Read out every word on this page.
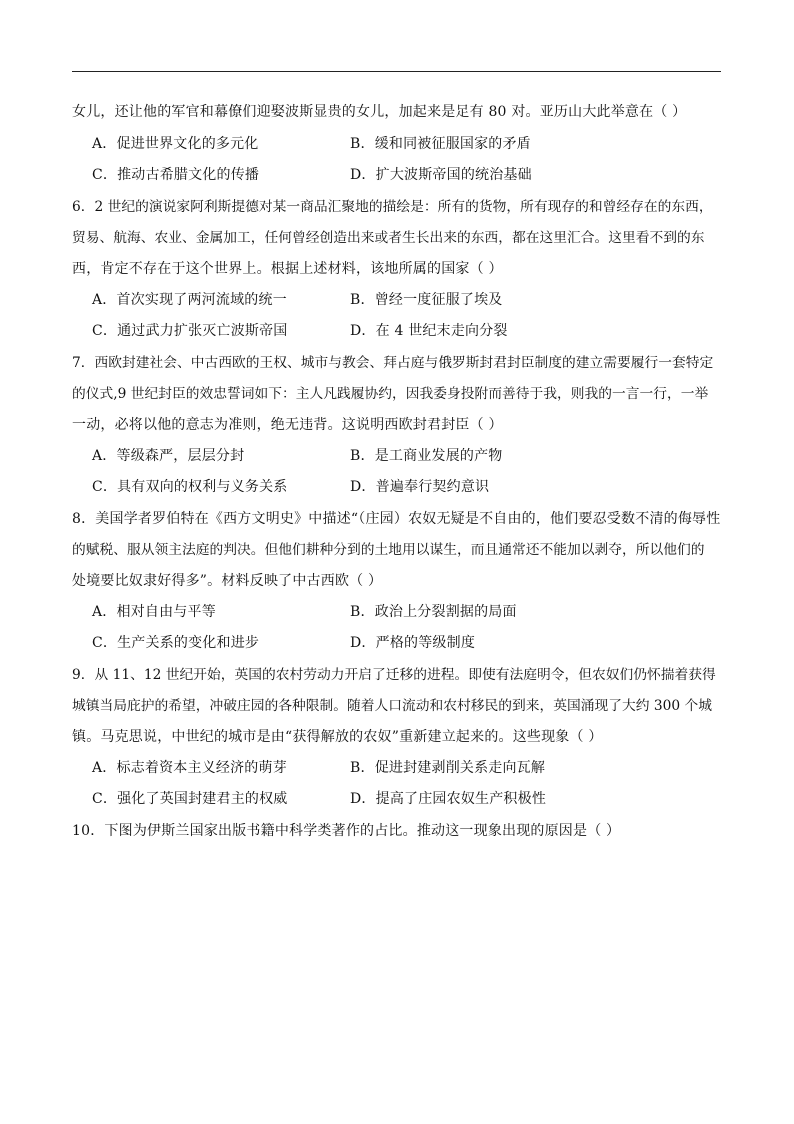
女儿，还让他的军官和幕僚们迎娶波斯显贵的女儿，加起来是足有 80 对。亚历山大此举意在（ ）
A．促进世界文化的多元化	B．缓和同被征服国家的矛盾
C．推动古希腊文化的传播	D．扩大波斯帝国的统治基础
6．2 世纪的演说家阿利斯提德对某一商品汇聚地的描绘是：所有的货物，所有现存的和曾经存在的东西，
贸易、航海、农业、金属加工，任何曾经创造出来或者生长出来的东西，都在这里汇合。这里看不到的东
西，肯定不存在于这个世界上。根据上述材料，该地所属的国家（ ）
A．首次实现了两河流域的统一	B．曾经一度征服了埃及
C．通过武力扩张灭亡波斯帝国	D．在 4 世纪末走向分裂
7．西欧封建社会、中古西欧的王权、城市与教会、拜占庭与俄罗斯封君封臣制度的建立需要履行一套特定
的仪式,9 世纪封臣的效忠誓词如下：主人凡践履协约，因我委身投附而善待于我，则我的一言一行，一举
一动，必将以他的意志为准则，绝无违背。这说明西欧封君封臣（ ）
A．等级森严，层层分封	B．是工商业发展的产物
C．具有双向的权利与义务关系	D．普遍奉行契约意识
8．美国学者罗伯特在《西方文明史》中描述“（庄园）农奴无疑是不自由的，他们要忍受数不清的侮辱性
的赋税、服从领主法庭的判决。但他们耕种分到的土地用以谋生，而且通常还不能加以剥夺，所以他们的
处境要比奴隶好得多”。材料反映了中古西欧（ ）
A．相对自由与平等	B．政治上分裂割据的局面
C．生产关系的变化和进步	D．严格的等级制度
9．从 11、12 世纪开始，英国的农村劳动力开启了迁移的进程。即使有法庭明令，但农奴们仍怀揣着获得
城镇当局庇护的希望，冲破庄园的各种限制。随着人口流动和农村移民的到来，英国涌现了大约 300 个城
镇。马克思说，中世纪的城市是由“获得解放的农奴”重新建立起来的。这些现象（ ）
A．标志着资本主义经济的萌芽	B．促进封建剥削关系走向瓦解
C．强化了英国封建君主的权威	D．提高了庄园农奴生产积极性
10．下图为伊斯兰国家出版书籍中科学类著作的占比。推动这一现象出现的原因是（ ）
